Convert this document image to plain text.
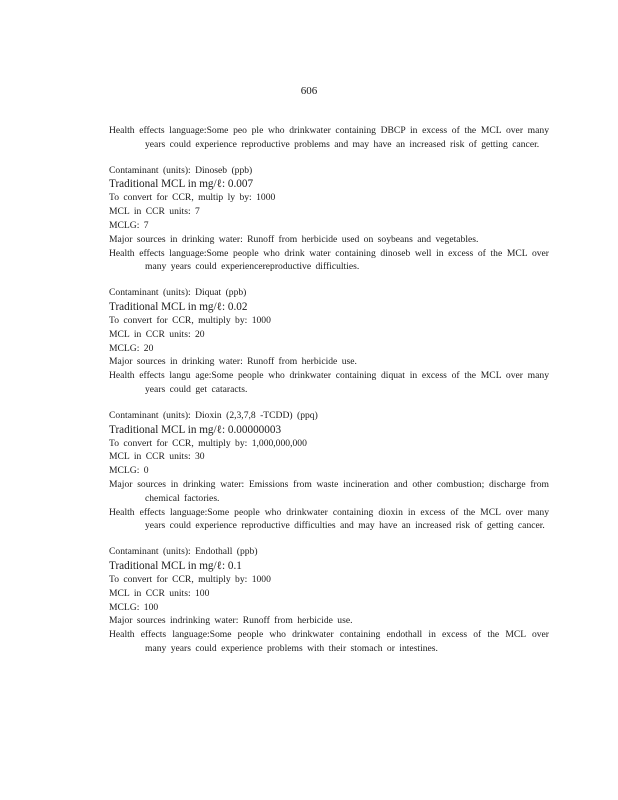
606
Health effects language:Some peo ple who drinkwater containing DBCP in excess of the MCL over many years could experience reproductive problems and may have an increased risk of getting cancer.
Contaminant (units): Dinoseb (ppb)
Traditional MCL in mg/ℓ: 0.007
To convert for CCR, multip ly by: 1000
MCL in CCR units: 7
MCLG: 7
Major sources in drinking water: Runoff from herbicide used on soybeans and vegetables.
Health effects language:Some people who drink water containing dinoseb well in excess of the MCL over many years could experiencereproductive difficulties.
Contaminant (units): Diquat (ppb)
Traditional MCL in mg/ℓ: 0.02
To convert for CCR, multiply by: 1000
MCL in CCR units: 20
MCLG: 20
Major sources in drinking water: Runoff from herbicide use.
Health effects langu age:Some people who drinkwater containing diquat in excess of the MCL over many years could get cataracts.
Contaminant (units): Dioxin (2,3,7,8 -TCDD) (ppq)
Traditional MCL in mg/ℓ: 0.00000003
To convert for CCR, multiply by: 1,000,000,000
MCL in CCR units: 30
MCLG: 0
Major sources in drinking water: Emissions from waste incineration and other combustion; discharge from chemical factories.
Health effects language:Some people who drinkwater containing dioxin in excess of the MCL over many years could experience reproductive difficulties and may have an increased risk of getting cancer.
Contaminant (units): Endothall (ppb)
Traditional MCL in mg/ℓ: 0.1
To convert for CCR, multiply by: 1000
MCL in CCR units: 100
MCLG: 100
Major sources indrinking water: Runoff from herbicide use.
Health effects language:Some people who drinkwater containing endothall in excess of the MCL over many years could experience problems with their stomach or intestines.
